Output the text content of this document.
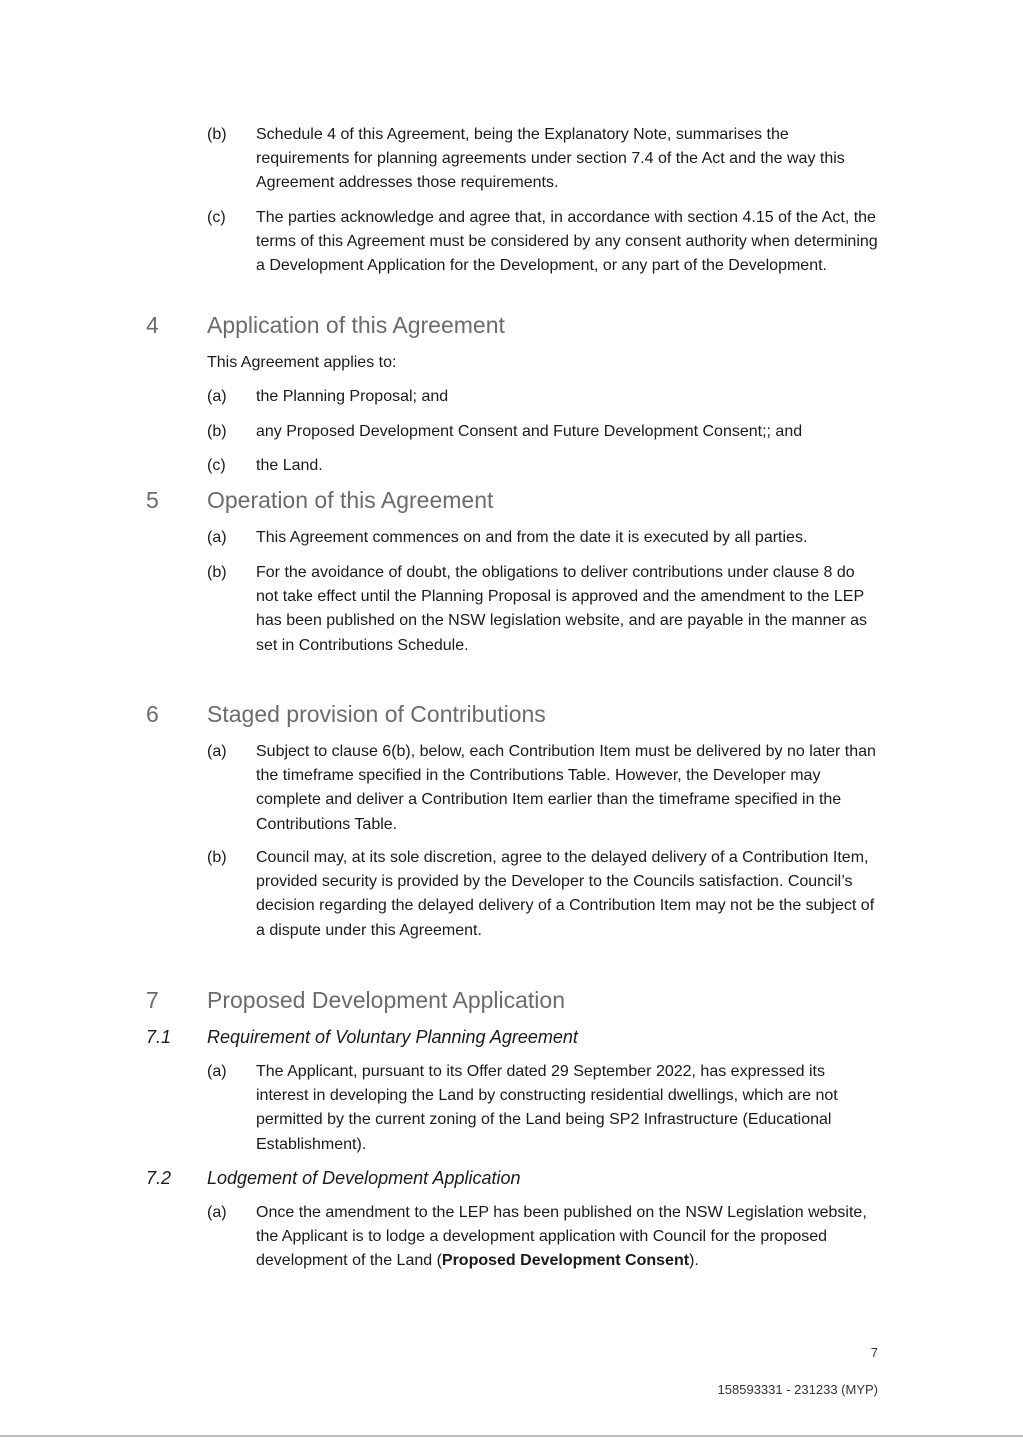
(b)	Schedule 4 of this Agreement, being the Explanatory Note, summarises the requirements for planning agreements under section 7.4 of the Act and the way this Agreement addresses those requirements.
(c)	The parties acknowledge and agree that, in accordance with section 4.15 of the Act, the terms of this Agreement must be considered by any consent authority when determining a Development Application for the Development, or any part of the Development.
4 Application of this Agreement
This Agreement applies to:
(a)	the Planning Proposal; and
(b)	any Proposed Development Consent and Future Development Consent;; and
(c)	the Land.
5 Operation of this Agreement
(a)	This Agreement commences on and from the date it is executed by all parties.
(b)	For the avoidance of doubt, the obligations to deliver contributions under clause 8 do not take effect until the Planning Proposal is approved and the amendment to the LEP has been published on the NSW legislation website, and are payable in the manner as set in Contributions Schedule.
6 Staged provision of Contributions
(a)	Subject to clause 6(b), below, each Contribution Item must be delivered by no later than the timeframe specified in the Contributions Table. However, the Developer may complete and deliver a Contribution Item earlier than the timeframe specified in the Contributions Table.
(b)	Council may, at its sole discretion, agree to the delayed delivery of a Contribution Item, provided security is provided by the Developer to the Councils satisfaction. Council’s decision regarding the delayed delivery of a Contribution Item may not be the subject of a dispute under this Agreement.
7 Proposed Development Application
7.1 Requirement of Voluntary Planning Agreement
(a)	The Applicant, pursuant to its Offer dated 29 September 2022, has expressed its interest in developing the Land by constructing residential dwellings, which are not permitted by the current zoning of the Land being SP2 Infrastructure (Educational Establishment).
7.2 Lodgement of Development Application
(a)	Once the amendment to the LEP has been published on the NSW Legislation website, the Applicant is to lodge a development application with Council for the proposed development of the Land (Proposed Development Consent).
7
158593331 - 231233 (MYP)
